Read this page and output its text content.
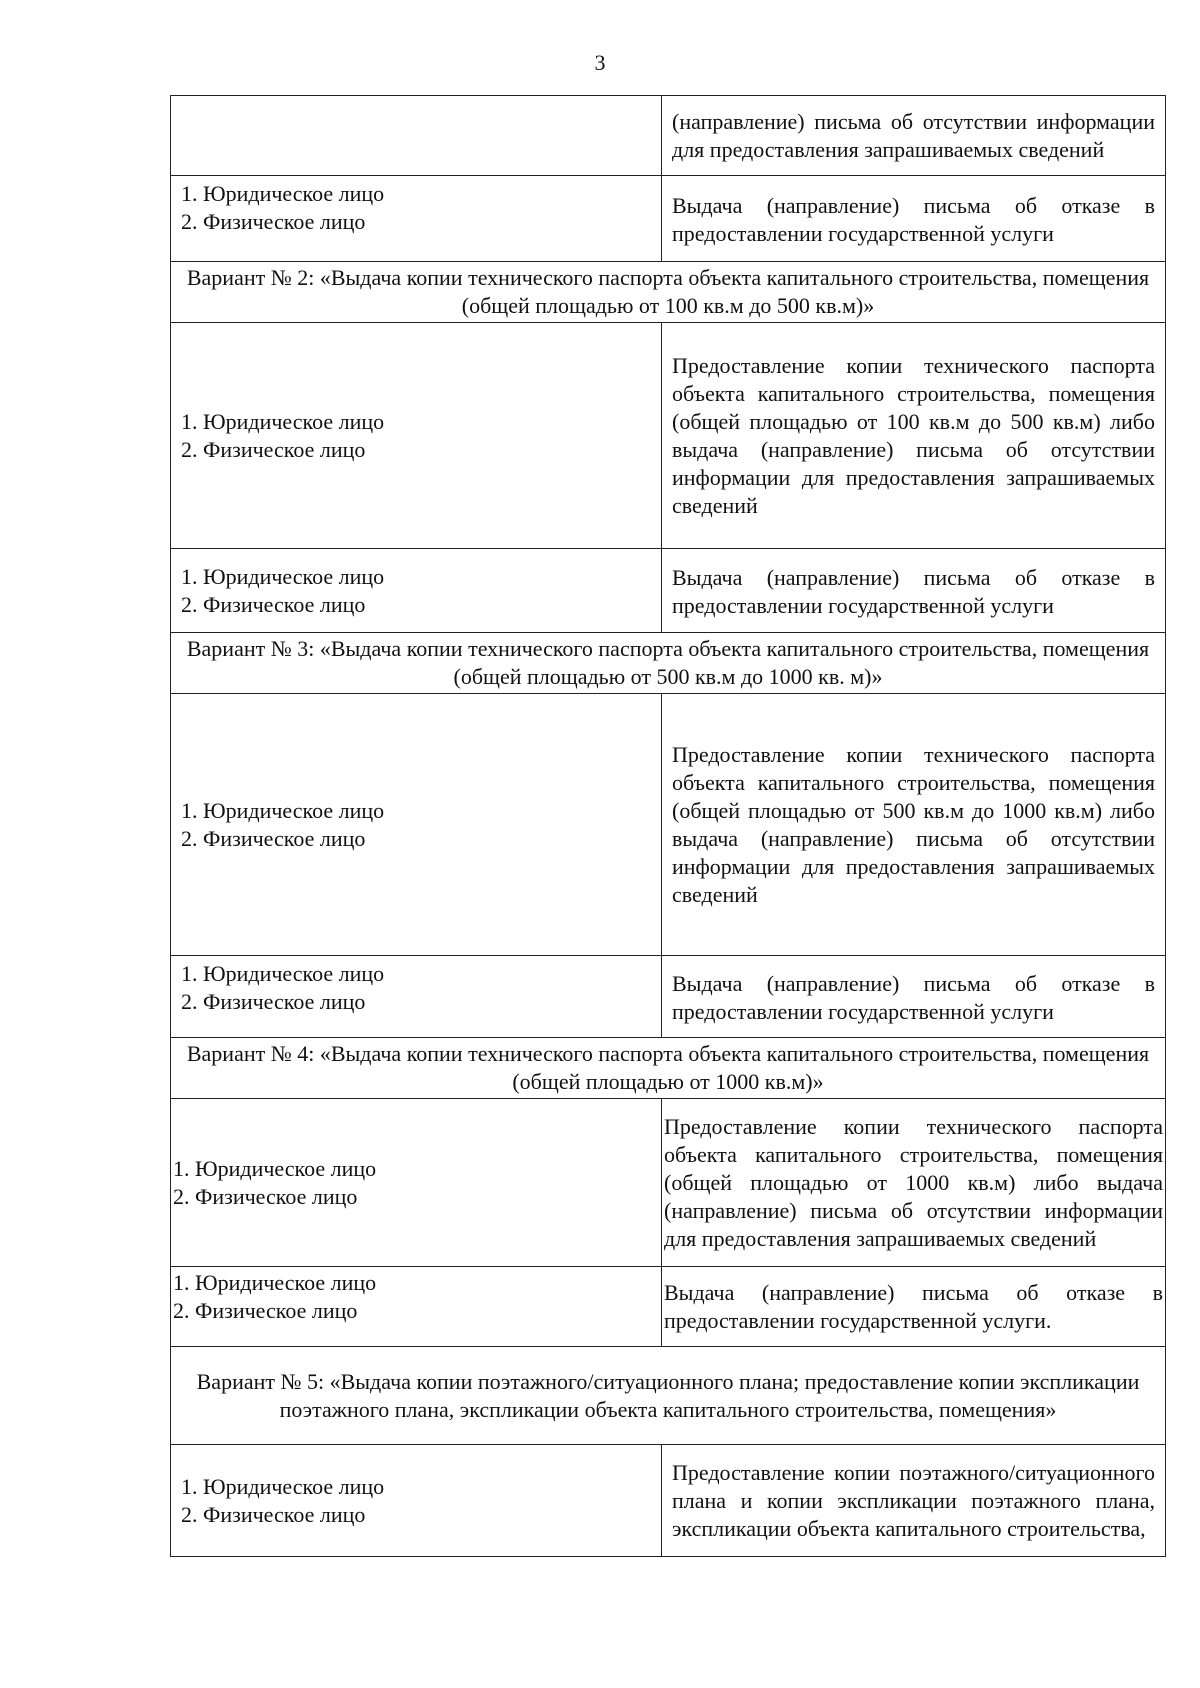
3
	(направление) письма об отсутствии информации для предоставления запрашиваемых сведений

1. Юридическое лицо
2. Физическое лицо	Выдача (направление) письма об отказе в предоставлении государственной услуги
Вариант № 2: «Выдача копии технического паспорта объекта капитального строительства, помещения (общей площадью от 100 кв.м до 500 кв.м)»	

1. Юридическое лицо
2. Физическое лицо	Предоставление копии технического паспорта объекта капитального строительства, помещения (общей площадью от 100 кв.м до 500 кв.м) либо выдача (направление) письма об отсутствии информации для предоставления запрашиваемых сведений

1. Юридическое лицо
2. Физическое лицо	Выдача (направление) письма об отказе в предоставлении государственной услуги
Вариант № 3: «Выдача копии технического паспорта объекта капитального строительства, помещения (общей площадью от 500 кв.м до 1000 кв. м)»	

1. Юридическое лицо
2. Физическое лицо	Предоставление копии технического паспорта объекта капитального строительства, помещения (общей площадью от 500 кв.м до 1000 кв.м) либо выдача (направление) письма об отсутствии информации для предоставления запрашиваемых сведений

1. Юридическое лицо
2. Физическое лицо	Выдача (направление) письма об отказе в предоставлении государственной услуги
Вариант № 4: «Выдача копии технического паспорта объекта капитального строительства, помещения (общей площадью от 1000 кв.м)»	

1. Юридическое лицо
2. Физическое лицо	Предоставление копии технического паспорта объекта капитального строительства, помещения (общей площадью от 1000 кв.м) либо выдача (направление) письма об отсутствии информации для предоставления запрашиваемых сведений

1. Юридическое лицо
2. Физическое лицо	Выдача (направление) письма об отказе в предоставлении государственной услуги.
Вариант № 5: «Выдача копии поэтажного/ситуационного плана; предоставление копии экспликации поэтажного плана, экспликации объекта капитального строительства, помещения»	

1. Юридическое лицо
2. Физическое лицо	Предоставление копии поэтажного/ситуационного плана и копии экспликации поэтажного плана, экспликации объекта капитального строительства,
